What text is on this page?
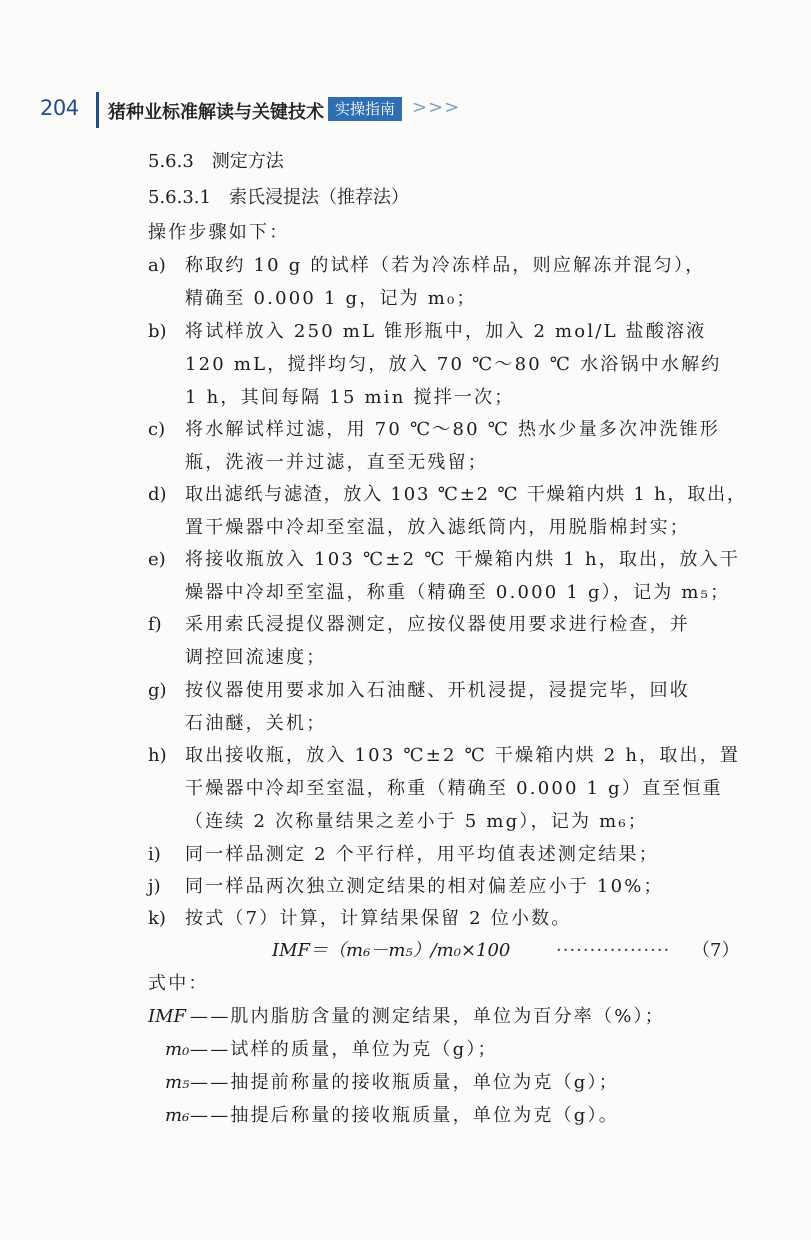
204 猪种业标准解读与关键技术 实操指南 >>>
5.6.3　测定方法
5.6.3.1　索氏浸提法（推荐法）
操作步骤如下：
a) 称取约 10 g 的试样（若为冷冻样品，则应解冻并混匀），
精确至 0.000 1 g，记为 m₀；
b) 将试样放入 250 mL 锥形瓶中，加入 2 mol/L 盐酸溶液
120 mL，搅拌均匀，放入 70 ℃～80 ℃ 水浴锅中水解约
1 h，其间每隔 15 min 搅拌一次；
c) 将水解试样过滤，用 70 ℃～80 ℃ 热水少量多次冲洗锥形
瓶，洗液一并过滤，直至无残留；
d) 取出滤纸与滤渣，放入 103 ℃±2 ℃ 干燥箱内烘 1 h，取出，
置干燥器中冷却至室温，放入滤纸筒内，用脱脂棉封实；
e) 将接收瓶放入 103 ℃±2 ℃ 干燥箱内烘 1 h，取出，放入干
燥器中冷却至室温，称重（精确至 0.000 1 g），记为 m₅；
f) 采用索氏浸提仪器测定，应按仪器使用要求进行检查，并
调控回流速度；
g) 按仪器使用要求加入石油醚、开机浸提，浸提完毕，回收
石油醚，关机；
h) 取出接收瓶，放入 103 ℃±2 ℃ 干燥箱内烘 2 h，取出，置
干燥器中冷却至室温，称重（精确至 0.000 1 g）直至恒重
（连续 2 次称量结果之差小于 5 mg），记为 m₆；
i) 同一样品测定 2 个平行样，用平均值表述测定结果；
j) 同一样品两次独立测定结果的相对偏差应小于 10%；
k) 按式（7）计算，计算结果保留 2 位小数。
IMF＝（m₆－m₅）/m₀×100	················· （7）
式中：
IMF ——肌内脂肪含量的测定结果，单位为百分率（%）；
m₀ ——试样的质量，单位为克（g）；
m₅ ——抽提前称量的接收瓶质量，单位为克（g）；
m₆ ——抽提后称量的接收瓶质量，单位为克（g）。
